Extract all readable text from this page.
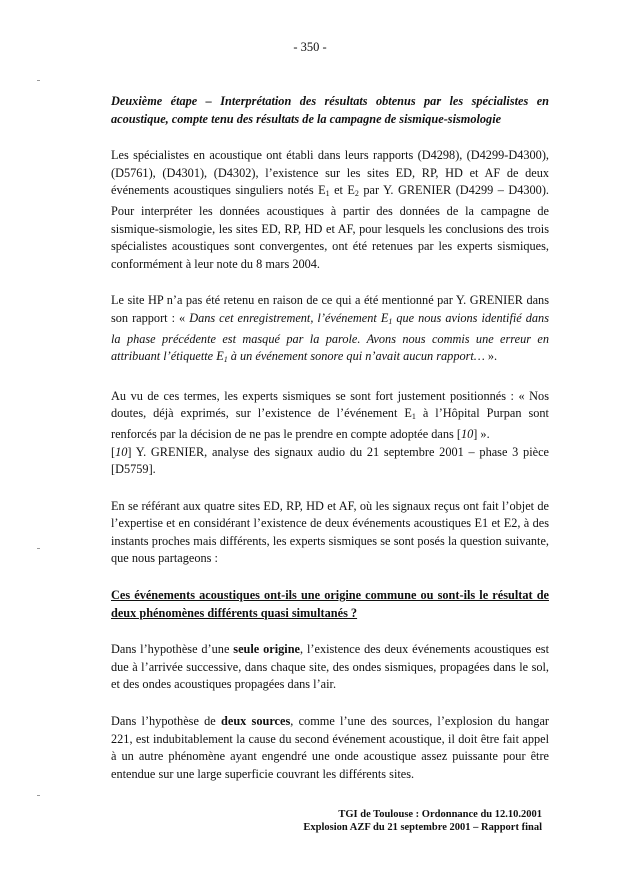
- 350 -
Deuxième étape – Interprétation des résultats obtenus par les spécialistes en acoustique, compte tenu des résultats de la campagne de sismique-sismologie

Les spécialistes en acoustique ont établi dans leurs rapports (D4298), (D4299-D4300), (D5761), (D4301), (D4302), l’existence sur les sites ED, RP, HD et AF de deux événements acoustiques singuliers notés $E_1$ et $E_2$ par Y. GRENIER (D4299 – D4300). Pour interpréter les données acoustiques à partir des données de la campagne de sismique-sismologie, les sites ED, RP, HD et AF, pour lesquels les conclusions des trois spécialistes acoustiques sont convergentes, ont été retenues par les experts sismiques, conformément à leur note du 8 mars 2004.

Le site HP n’a pas été retenu en raison de ce qui a été mentionné par Y. GRENIER dans son rapport : « Dans cet enregistrement, l’événement $E_1$ que nous avions identifié dans la phase précédente est masqué par la parole. Avons nous commis une erreur en attribuant l’étiquette $E_1$ à un événement sonore qui n’avait aucun rapport… ».

Au vu de ces termes, les experts sismiques se sont fort justement positionnés : « Nos doutes, déjà exprimés, sur l’existence de l’événement $E_1$ à l’Hôpital Purpan sont renforcés par la décision de ne pas le prendre en compte adoptée dans [10] ».

[10] Y. GRENIER, analyse des signaux audio du 21 septembre 2001 – phase 3 pièce [D5759].

En se référant aux quatre sites ED, RP, HD et AF, où les signaux reçus ont fait l’objet de l’expertise et en considérant l’existence de deux événements acoustiques E1 et E2, à des instants proches mais différents, les experts sismiques se sont posés la question suivante, que nous partageons :

Ces événements acoustiques ont-ils une origine commune ou sont-ils le résultat de deux phénomènes différents quasi simultanés ?

Dans l’hypothèse d’une seule origine, l’existence des deux événements acoustiques est due à l’arrivée successive, dans chaque site, des ondes sismiques, propagées dans le sol, et des ondes acoustiques propagées dans l’air.

Dans l’hypothèse de deux sources, comme l’une des sources, l’explosion du hangar 221, est indubitablement la cause du second événement acoustique, il doit être fait appel à un autre phénomène ayant engendré une onde acoustique assez puissante pour être entendue sur une large superficie couvrant les différents sites.

TGI de Toulouse : Ordonnance du 12.10.2001
Explosion AZF du 21 septembre 2001 – Rapport final
